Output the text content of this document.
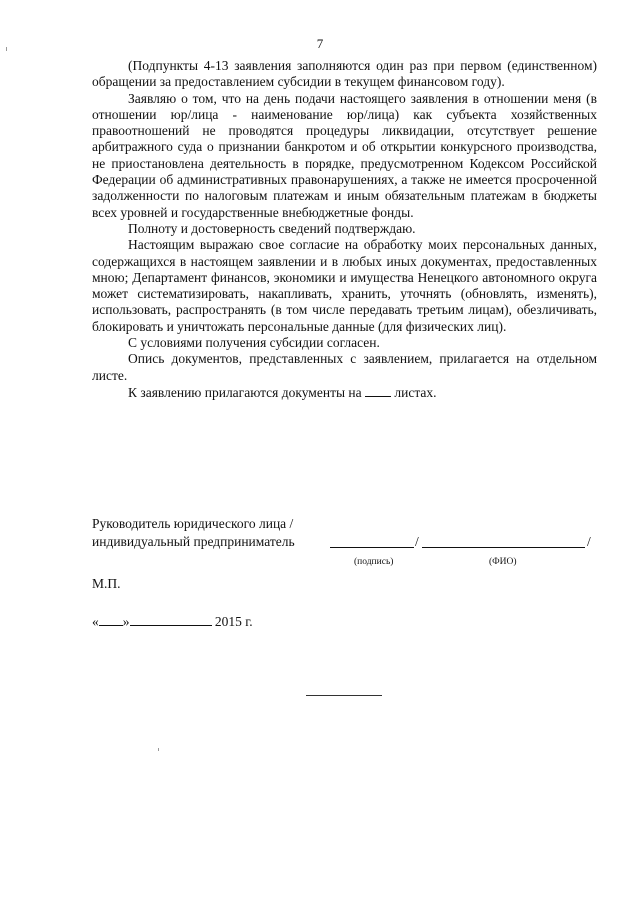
7

(Подпункты 4-13 заявления заполняются один раз при первом (единственном) обращении за предоставлением субсидии в текущем финансовом году).

Заявляю о том, что на день подачи настоящего заявления в отношении меня (в отношении юр/лица - наименование юр/лица) как субъекта хозяйственных правоотношений не проводятся процедуры ликвидации, отсутствует решение арбитражного суда о признании банкротом и об открытии конкурсного производства, не приостановлена деятельность в порядке, предусмотренном Кодексом Российской Федерации об административных правонарушениях, а также не имеется просроченной задолженности по налоговым платежам и иным обязательным платежам в бюджеты всех уровней и государственные внебюджетные фонды.

Полноту и достоверность сведений подтверждаю.

Настоящим выражаю свое согласие на обработку моих персональных данных, содержащихся в настоящем заявлении и в любых иных документах, предоставленных мною; Департамент финансов, экономики и имущества Ненецкого автономного округа может систематизировать, накапливать, хранить, уточнять (обновлять, изменять), использовать, распространять (в том числе передавать третьим лицам), обезличивать, блокировать и уничтожать персональные данные (для физических лиц).

С условиями получения субсидии согласен.

Опись документов, представленных с заявлением, прилагается на отдельном листе.

К заявлению прилагаются документы на листах.

Руководитель юридического лица /
индивидуальный предприниматель	/	/
(подпись)	(ФИО)
М.П.
« »	2015 г.
